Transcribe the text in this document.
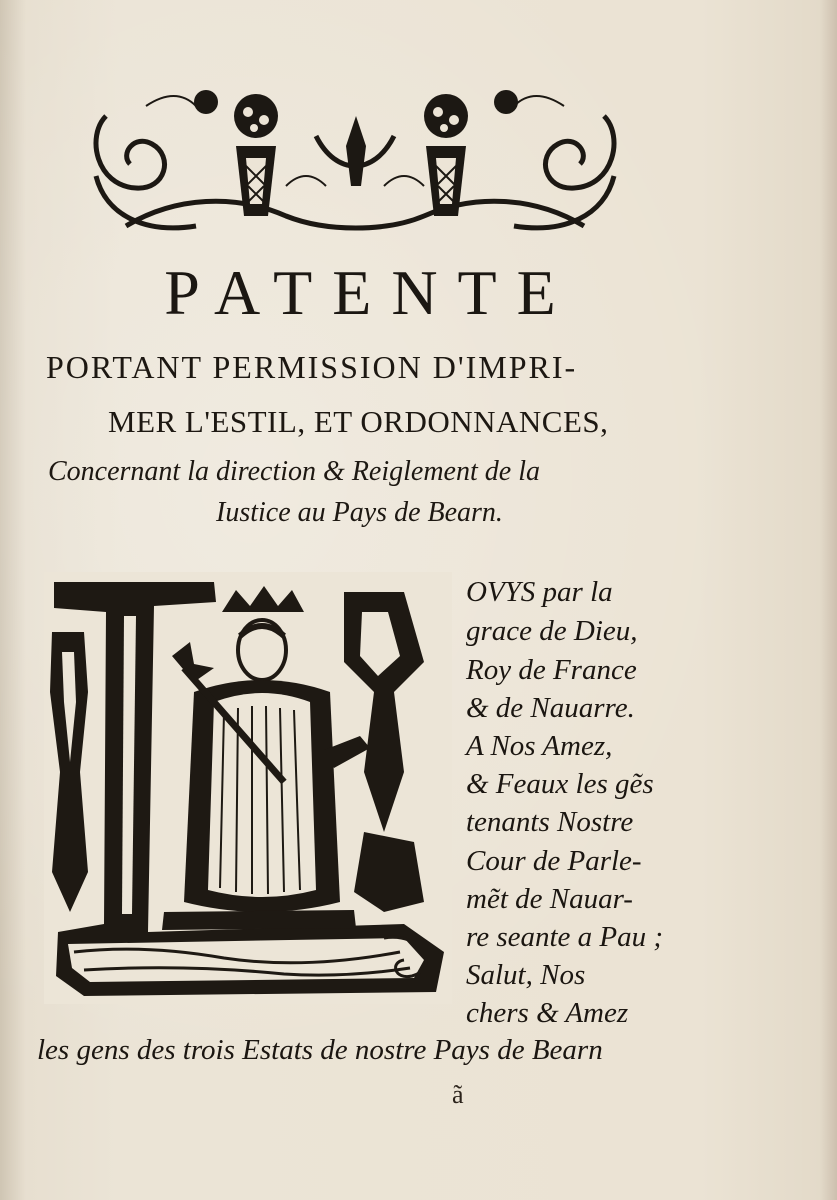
PATENTE
PORTANT PERMISSION D'IMPRI-
MER L'ESTIL, ET ORDONNANCES,
Concernant la direction & Reiglement de la
Iustice au Pays de Bearn.
OVYS par la
grace de Dieu,
Roy de France
& de Nauarre.
A Nos Amez,
& Feaux les gẽs
tenants Nostre
Cour de Parle-
mẽt de Nauar-
re seante a Pau ;
Salut, Nos
chers & Amez
les gens des trois Estats de nostre Pays de Bearn
ã
